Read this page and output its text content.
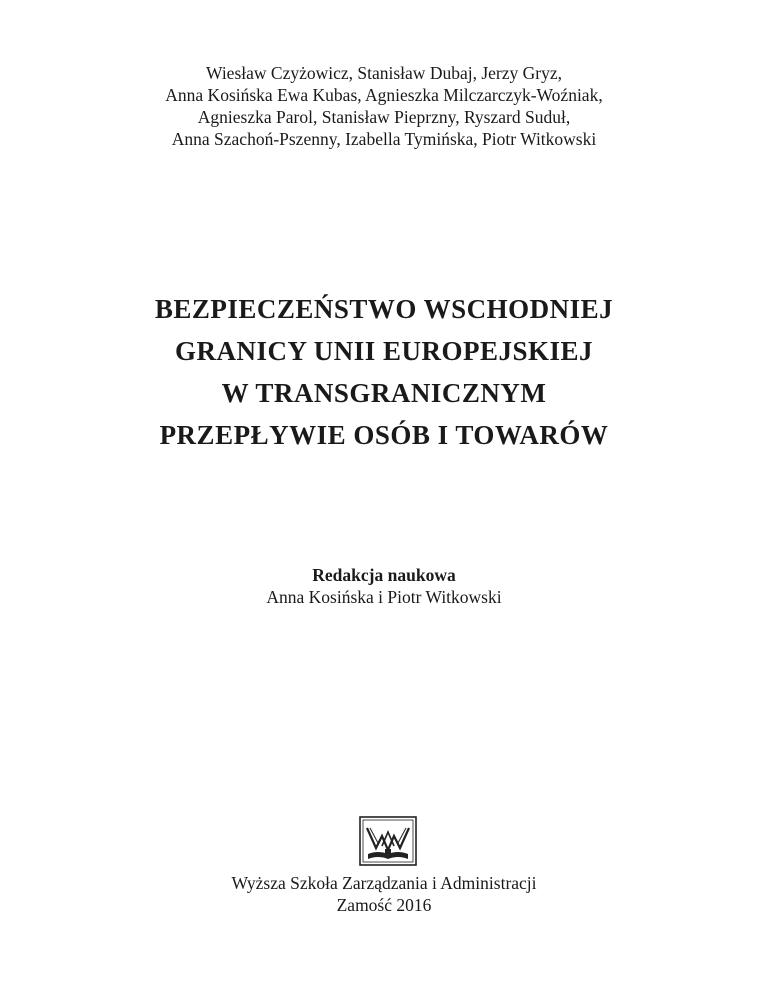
Wiesław Czyżowicz, Stanisław Dubaj, Jerzy Gryz,
Anna Kosińska Ewa Kubas, Agnieszka Milczarczyk-Woźniak,
Agnieszka Parol, Stanisław Pieprzny, Ryszard Suduł,
Anna Szachoń-Pszenny, Izabella Tymińska, Piotr Witkowski
BEZPIECZEŃSTWO WSCHODNIEJ
GRANICY UNII EUROPEJSKIEJ
W TRANSGRANICZNYM
PRZEPŁYWIE OSÓB I TOWARÓW
Redakcja naukowa
Anna Kosińska i Piotr Witkowski
Wyższa Szkoła Zarządzania i Administracji
Zamość 2016
